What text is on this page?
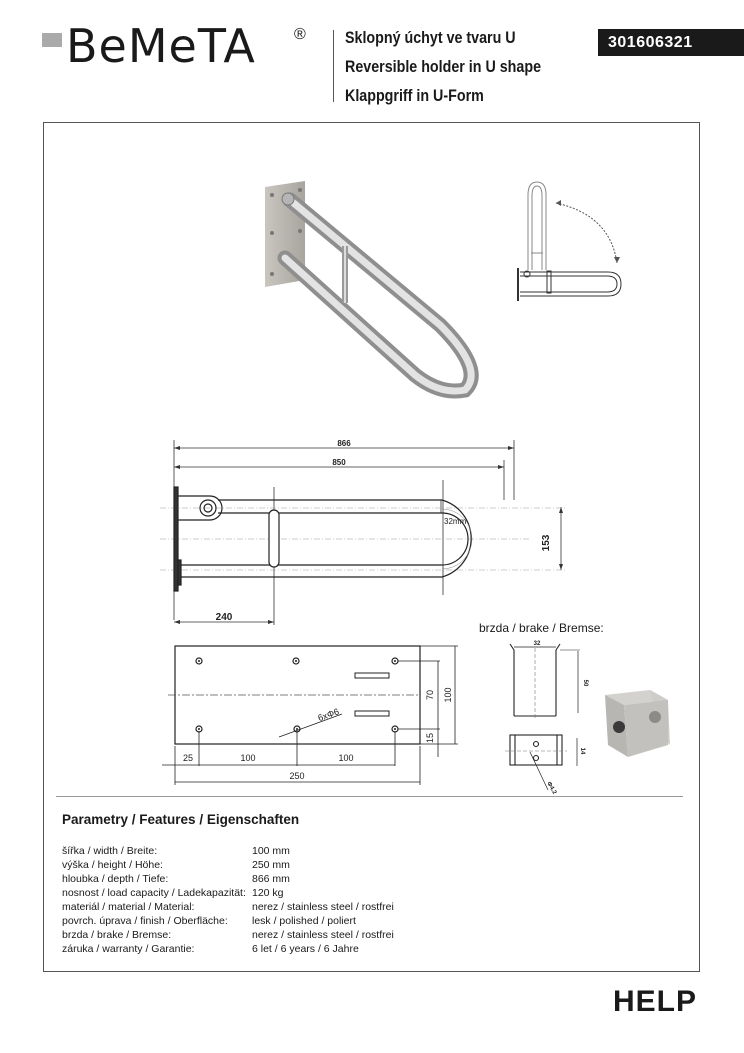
BeMeTA ® Sklopný úchyt ve tvaru U
Reversible holder in U shape
Klappgriff in U-Form
301606321
866
850
240
153
32mm
6xΦ6
25	100	100
250
70 100
15
32
50
14
Φ4.2
brzda / brake / Bremse:
Parametry / Features / Eigenschaften
šířka / width / Breite:	100 mm
výška / height / Höhe:	250 mm
hloubka / depth / Tiefe:	866 mm
nosnost / load capacity / Ladekapazität: 120 kg
materiál / material / Material:	nerez / stainless steel / rostfrei
povrch. úprava / finish / Oberfläche: lesk / polished / poliert
brzda / brake / Bremse:	nerez / stainless steel / rostfrei
záruka / warranty / Garantie:	6 let / 6 years / 6 Jahre
HELP
